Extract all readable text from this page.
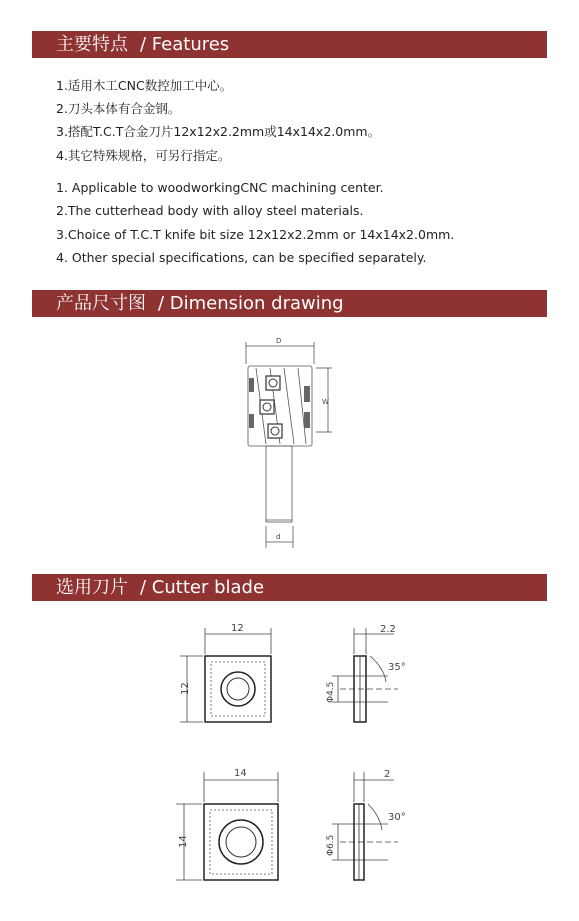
主要特点 / Features
1.适用木工CNC数控加工中心。
2.刀头本体有合金钢。
3.搭配T.C.T合金刀片12x12x2.2mm或14x14x2.0mm。
4.其它特殊规格，可另行指定。
1. Applicable to woodworkingCNC machining center.
2.The cutterhead body with alloy steel materials.
3.Choice of T.C.T knife bit size 12x12x2.2mm or 14x14x2.0mm.
4. Other special specifications, can be specified separately.
产品尺寸图 / Dimension drawing
D
W
d
选用刀片 / Cutter blade
12
12
2.2
Φ4.5
35°
14
14
2
Φ6.5
30°
